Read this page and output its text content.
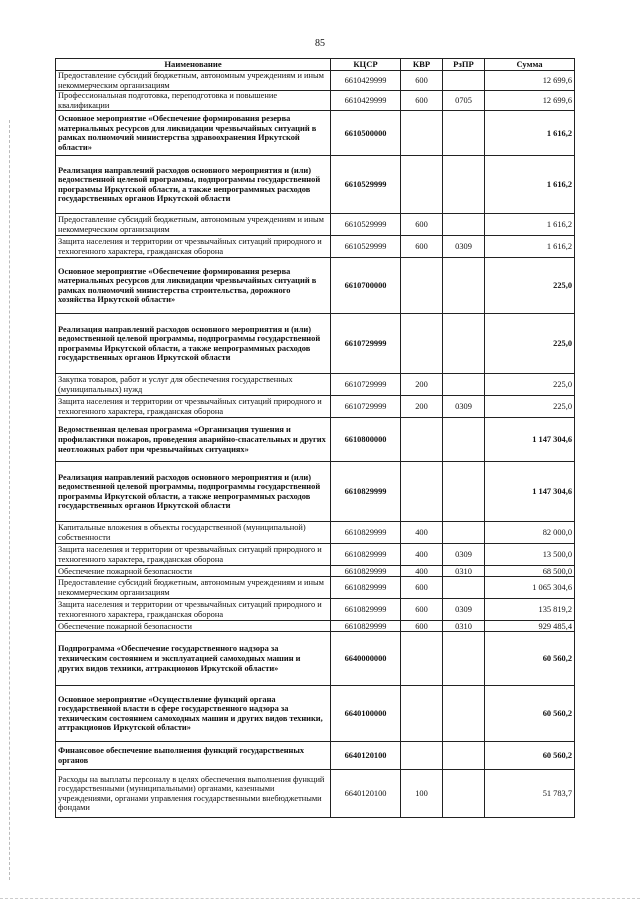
85
Наименование	КЦСР	КВР	РзПР	Сумма
Предоставление субсидий бюджетным, автономным учреждениям и иным некоммерческим организациям	6610429999	600		12 699,6
Профессиональная подготовка, переподготовка и повышение квалификации	6610429999	600	0705	12 699,6
Основное мероприятие «Обеспечение формирования резерва материальных ресурсов для ликвидации чрезвычайных ситуаций в рамках полномочий министерства здравоохранения Иркутской области»	6610500000			1 616,2
Реализация направлений расходов основного мероприятия и (или) ведомственной целевой программы, подпрограммы государственной программы Иркутской области, а также непрограммных расходов государственных органов Иркутской области	6610529999			1 616,2
Предоставление субсидий бюджетным, автономным учреждениям и иным некоммерческим организациям	6610529999	600		1 616,2
Защита населения и территории от чрезвычайных ситуаций природного и техногенного характера, гражданская оборона	6610529999	600	0309	1 616,2
Основное мероприятие «Обеспечение формирования резерва материальных ресурсов для ликвидации чрезвычайных ситуаций в рамках полномочий министерства строительства, дорожного хозяйства Иркутской области»	6610700000			225,0
Реализация направлений расходов основного мероприятия и (или) ведомственной целевой программы, подпрограммы государственной программы Иркутской области, а также непрограммных расходов государственных органов Иркутской области	6610729999			225,0
Закупка товаров, работ и услуг для обеспечения государственных (муниципальных) нужд	6610729999	200		225,0
Защита населения и территории от чрезвычайных ситуаций природного и техногенного характера, гражданская оборона	6610729999	200	0309	225,0
Ведомственная целевая программа «Организация тушения и профилактики пожаров, проведения аварийно-спасательных и других неотложных работ при чрезвычайных ситуациях»	6610800000			1 147 304,6
Реализация направлений расходов основного мероприятия и (или) ведомственной целевой программы, подпрограммы государственной программы Иркутской области, а также непрограммных расходов государственных органов Иркутской области	6610829999			1 147 304,6
Капитальные вложения в объекты государственной (муниципальной) собственности	6610829999	400		82 000,0
Защита населения и территории от чрезвычайных ситуаций природного и техногенного характера, гражданская оборона	6610829999	400	0309	13 500,0
Обеспечение пожарной безопасности	6610829999	400	0310	68 500,0
Предоставление субсидий бюджетным, автономным учреждениям и иным некоммерческим организациям	6610829999	600		1 065 304,6
Защита населения и территории от чрезвычайных ситуаций природного и техногенного характера, гражданская оборона	6610829999	600	0309	135 819,2
Обеспечение пожарной безопасности	6610829999	600	0310	929 485,4
Подпрограмма «Обеспечение государственного надзора за техническим состоянием и эксплуатацией самоходных машин и других видов техники, аттракционов Иркутской области»	6640000000			60 560,2
Основное мероприятие «Осуществление функций органа государственной власти в сфере государственного надзора за техническим состоянием самоходных машин и других видов техники, аттракционов Иркутской области»	6640100000			60 560,2
Финансовое обеспечение выполнения функций государственных органов	6640120100			60 560,2
Расходы на выплаты персоналу в целях обеспечения выполнения функций государственными (муниципальными) органами, казенными учреждениями, органами управления государственными внебюджетными фондами	6640120100	100		51 783,7
